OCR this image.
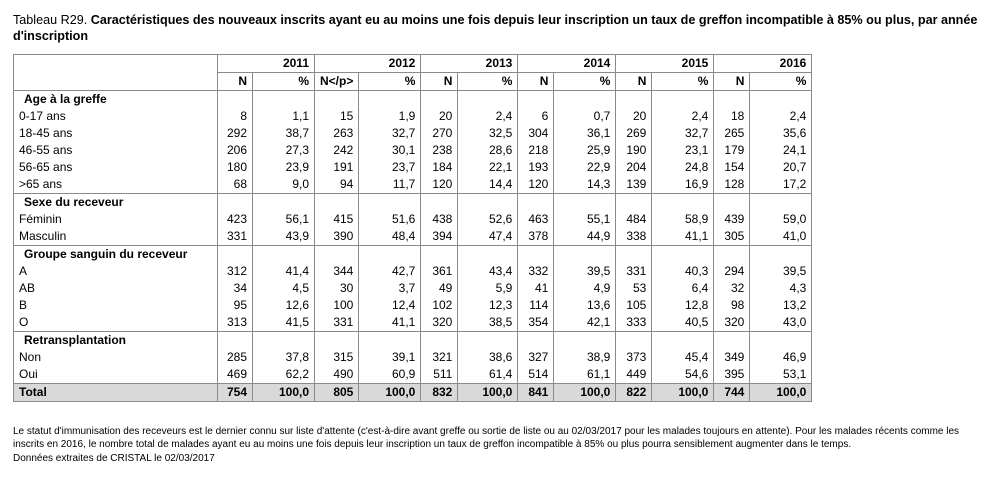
Tableau R29. Caractéristiques des nouveaux inscrits ayant eu au moins une fois depuis leur inscription un taux de greffon incompatible à 85% ou plus, par année d'inscription
	2011		2012		2013		2014		2015		2016	
	N	%	N</p>	%	N	%	N	%	N	%	N	%
Age à la greffe												
0-17 ans	8	1,1	15	1,9	20	2,4	6	0,7	20	2,4	18	2,4
18-45 ans	292	38,7	263	32,7	270	32,5	304	36,1	269	32,7	265	35,6
46-55 ans	206	27,3	242	30,1	238	28,6	218	25,9	190	23,1	179	24,1
56-65 ans	180	23,9	191	23,7	184	22,1	193	22,9	204	24,8	154	20,7
>65 ans	68	9,0	94	11,7	120	14,4	120	14,3	139	16,9	128	17,2
Sexe du receveur												
Féminin	423	56,1	415	51,6	438	52,6	463	55,1	484	58,9	439	59,0
Masculin	331	43,9	390	48,4	394	47,4	378	44,9	338	41,1	305	41,0
Groupe sanguin du receveur												
A	312	41,4	344	42,7	361	43,4	332	39,5	331	40,3	294	39,5
AB	34	4,5	30	3,7	49	5,9	41	4,9	53	6,4	32	4,3
B	95	12,6	100	12,4	102	12,3	114	13,6	105	12,8	98	13,2
O	313	41,5	331	41,1	320	38,5	354	42,1	333	40,5	320	43,0
Retransplantation												
Non	285	37,8	315	39,1	321	38,6	327	38,9	373	45,4	349	46,9
Oui	469	62,2	490	60,9	511	61,4	514	61,1	449	54,6	395	53,1
Total	754	100,0	805	100,0	832	100,0	841	100,0	822	100,0	744	100,0

Le statut d'immunisation des receveurs est le dernier connu sur liste d'attente (c'est-à-dire avant greffe ou sortie de liste ou au 02/03/2017 pour les malades toujours en attente). Pour les malades récents comme les inscrits en 2016, le nombre total de malades ayant eu au moins une fois depuis leur inscription un taux de greffon incompatible à 85% ou plus pourra sensiblement augmenter dans le temps.

Données extraites de CRISTAL le 02/03/2017
